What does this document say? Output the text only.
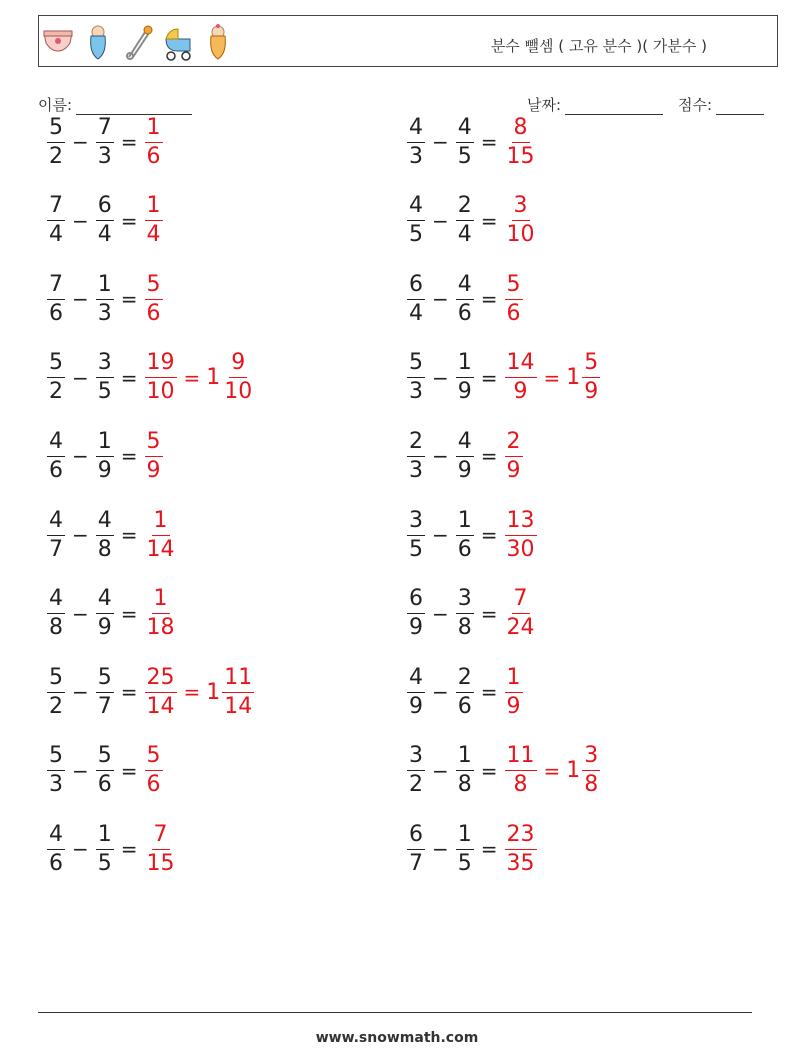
분수 뺄셈 ( 고유 분수 )( 가분수 )
이름:	날짜:	점수:
$\frac{5}{2} - \frac{7}{3} = \frac{1}{6}$	$\frac{4}{3} - \frac{4}{5} = \frac{8}{15}$
$\frac{7}{4} - \frac{6}{4} = \frac{1}{4}$	$\frac{4}{5} - \frac{2}{4} = \frac{3}{10}$
$\frac{7}{6} - \frac{1}{3} = \frac{5}{6}$	$\frac{6}{4} - \frac{4}{6} = \frac{5}{6}$
$\frac{5}{2} - \frac{3}{5} = \frac{19}{10} = 1 \frac{9}{10}$	$\frac{5}{3} - \frac{1}{9} = \frac{14}{9} = 1 \frac{5}{9}$
$\frac{4}{6} - \frac{1}{9} = \frac{5}{9}$	$\frac{2}{3} - \frac{4}{9} = \frac{2}{9}$
$\frac{4}{7} - \frac{4}{8} = \frac{1}{14}$	$\frac{3}{5} - \frac{1}{6} = \frac{13}{30}$
$\frac{4}{8} - \frac{4}{9} = \frac{1}{18}$	$\frac{6}{9} - \frac{3}{8} = \frac{7}{24}$
$\frac{5}{2} - \frac{5}{7} = \frac{25}{14} = 1 \frac{11}{14}$	$\frac{4}{9} - \frac{2}{6} = \frac{1}{9}$
$\frac{5}{3} - \frac{5}{6} = \frac{5}{6}$	$\frac{3}{2} - \frac{1}{8} = \frac{11}{8} = 1 \frac{3}{8}$
$\frac{4}{6} - \frac{1}{5} = \frac{7}{15}$	$\frac{6}{7} - \frac{1}{5} = \frac{23}{35}$
www.snowmath.com
